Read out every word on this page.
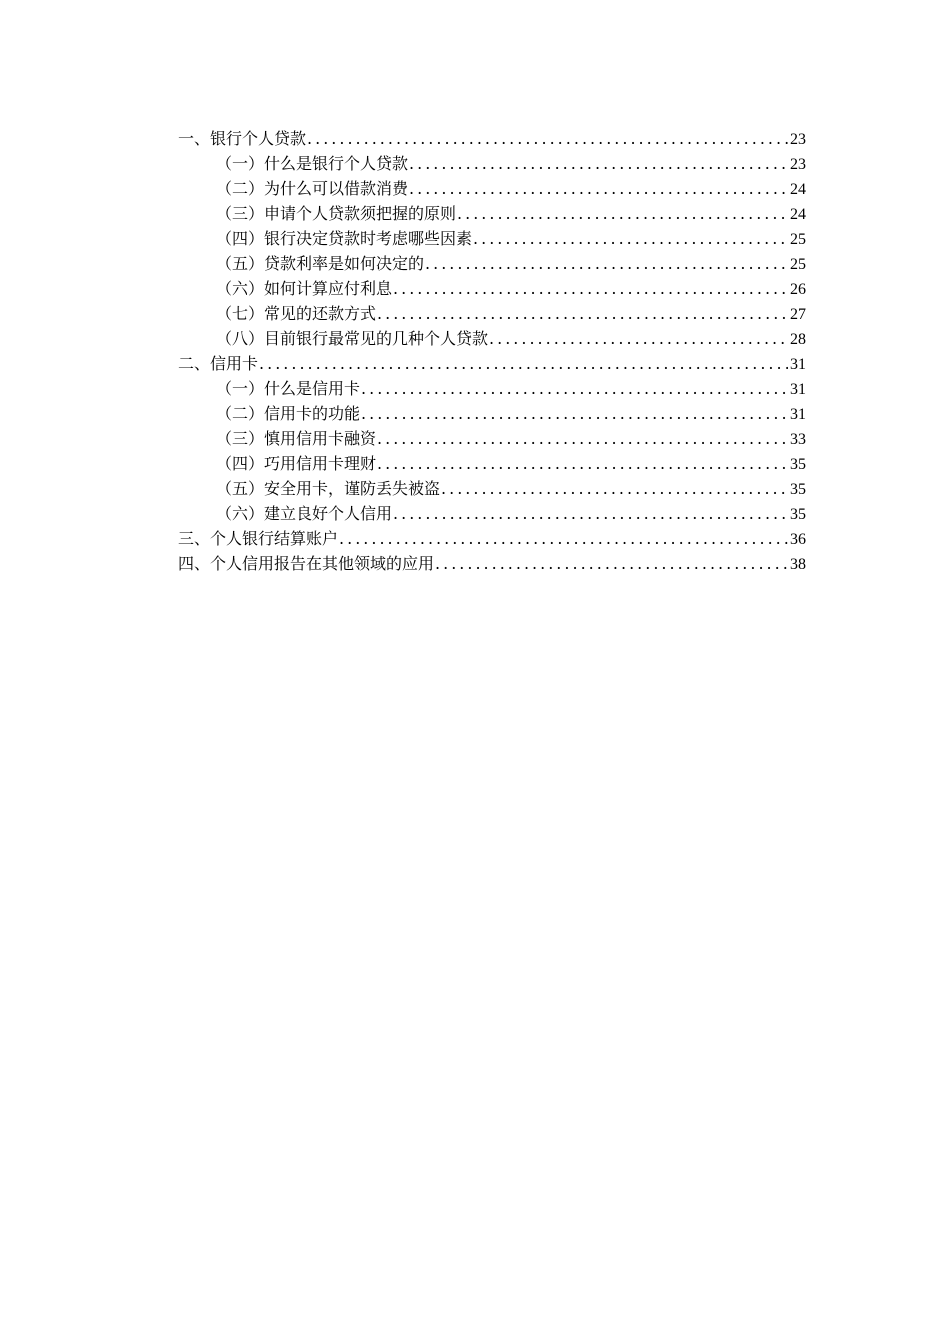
一、银行个人贷款 .....	23
（一）什么是银行个人贷款 .....	23
（二）为什么可以借款消费 .....	24
（三）申请个人贷款须把握的原则 .....	24
（四）银行决定贷款时考虑哪些因素 .....	25
（五）贷款利率是如何决定的 .....	25
（六）如何计算应付利息 .....	26
（七）常见的还款方式 .....	27
（八）目前银行最常见的几种个人贷款 .....	28
二、信用卡 .....	31
（一）什么是信用卡 .....	31
（二）信用卡的功能 .....	31
（三）慎用信用卡融资 .....	33
（四）巧用信用卡理财 .....	35
（五）安全用卡，谨防丢失被盗 .....	35
（六）建立良好个人信用 .....	35
三、个人银行结算账户 .....	36
四、个人信用报告在其他领域的应用 .....	38
